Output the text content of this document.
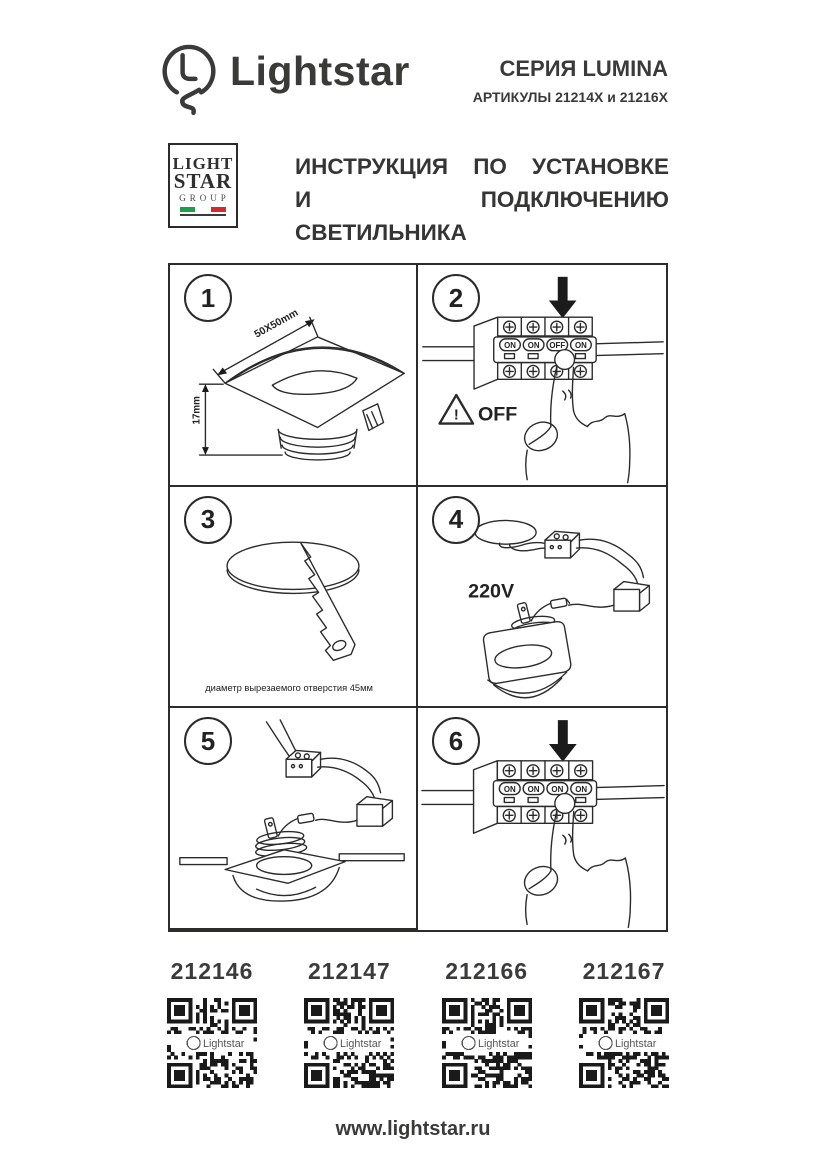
Lightstar	СЕРИЯ LUMINA
АРТИКУЛЫ 21214X и 21216X
LIGHT
STAR
GROUP
ИНСТРУКЦИЯ ПО УСТАНОВКЕ
И ПОДКЛЮЧЕНИЮ СВЕТИЛЬНИКА
1
50X50mm
17mm
2
ON ON OFF ON
! OFF
3
диаметр вырезаемого отверстия 45мм
4
220V
5	6
ON ON ON ON
212146
Lightstar
212147
Lightstar
212166
Lightstar
212167
Lightstar
www.lightstar.ru
